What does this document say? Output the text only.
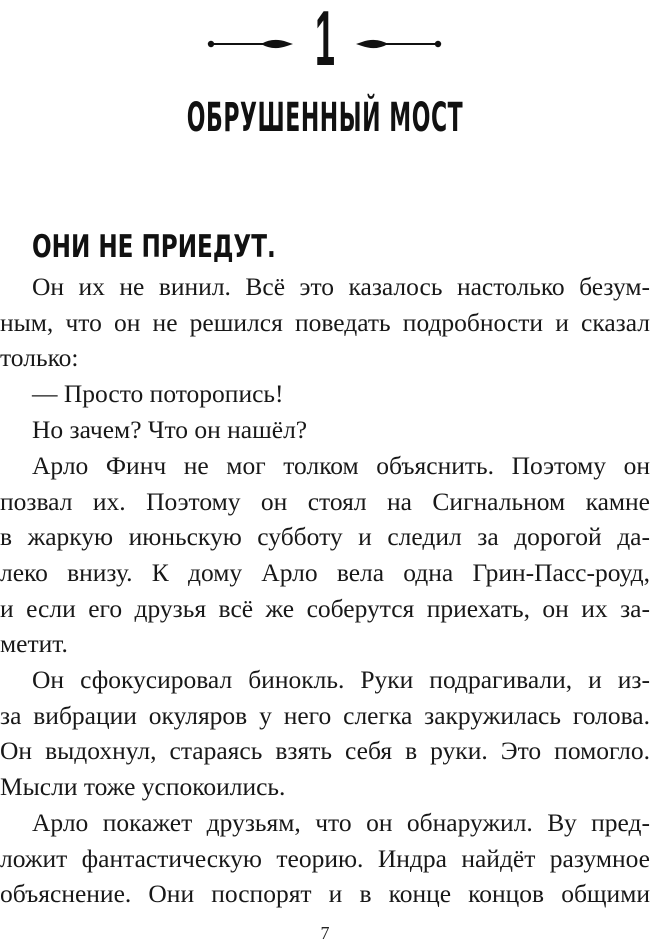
1
ОБРУШЕННЫЙ МОСТ
ОНИ НЕ ПРИЕДУТ.
Он их не винил. Всё это казалось настолько безум-
ным, что он не решился поведать подробности и сказал
только:
— Просто поторопись!
Но зачем? Что он нашёл?
Арло Финч не мог толком объяснить. Поэтому он
позвал их. Поэтому он стоял на Сигнальном камне
в жаркую июньскую субботу и следил за дорогой да-
леко внизу. К дому Арло вела одна Грин-Пасс-роуд,
и если его друзья всё же соберутся приехать, он их за-
метит.
Он сфокусировал бинокль. Руки подрагивали, и из-
за вибрации окуляров у него слегка закружилась голова.
Он выдохнул, стараясь взять себя в руки. Это помогло.
Мысли тоже успокоились.
Арло покажет друзьям, что он обнаружил. Ву пред-
ложит фантастическую теорию. Индра найдёт разумное
объяснение. Они поспорят и в конце концов общими
7
